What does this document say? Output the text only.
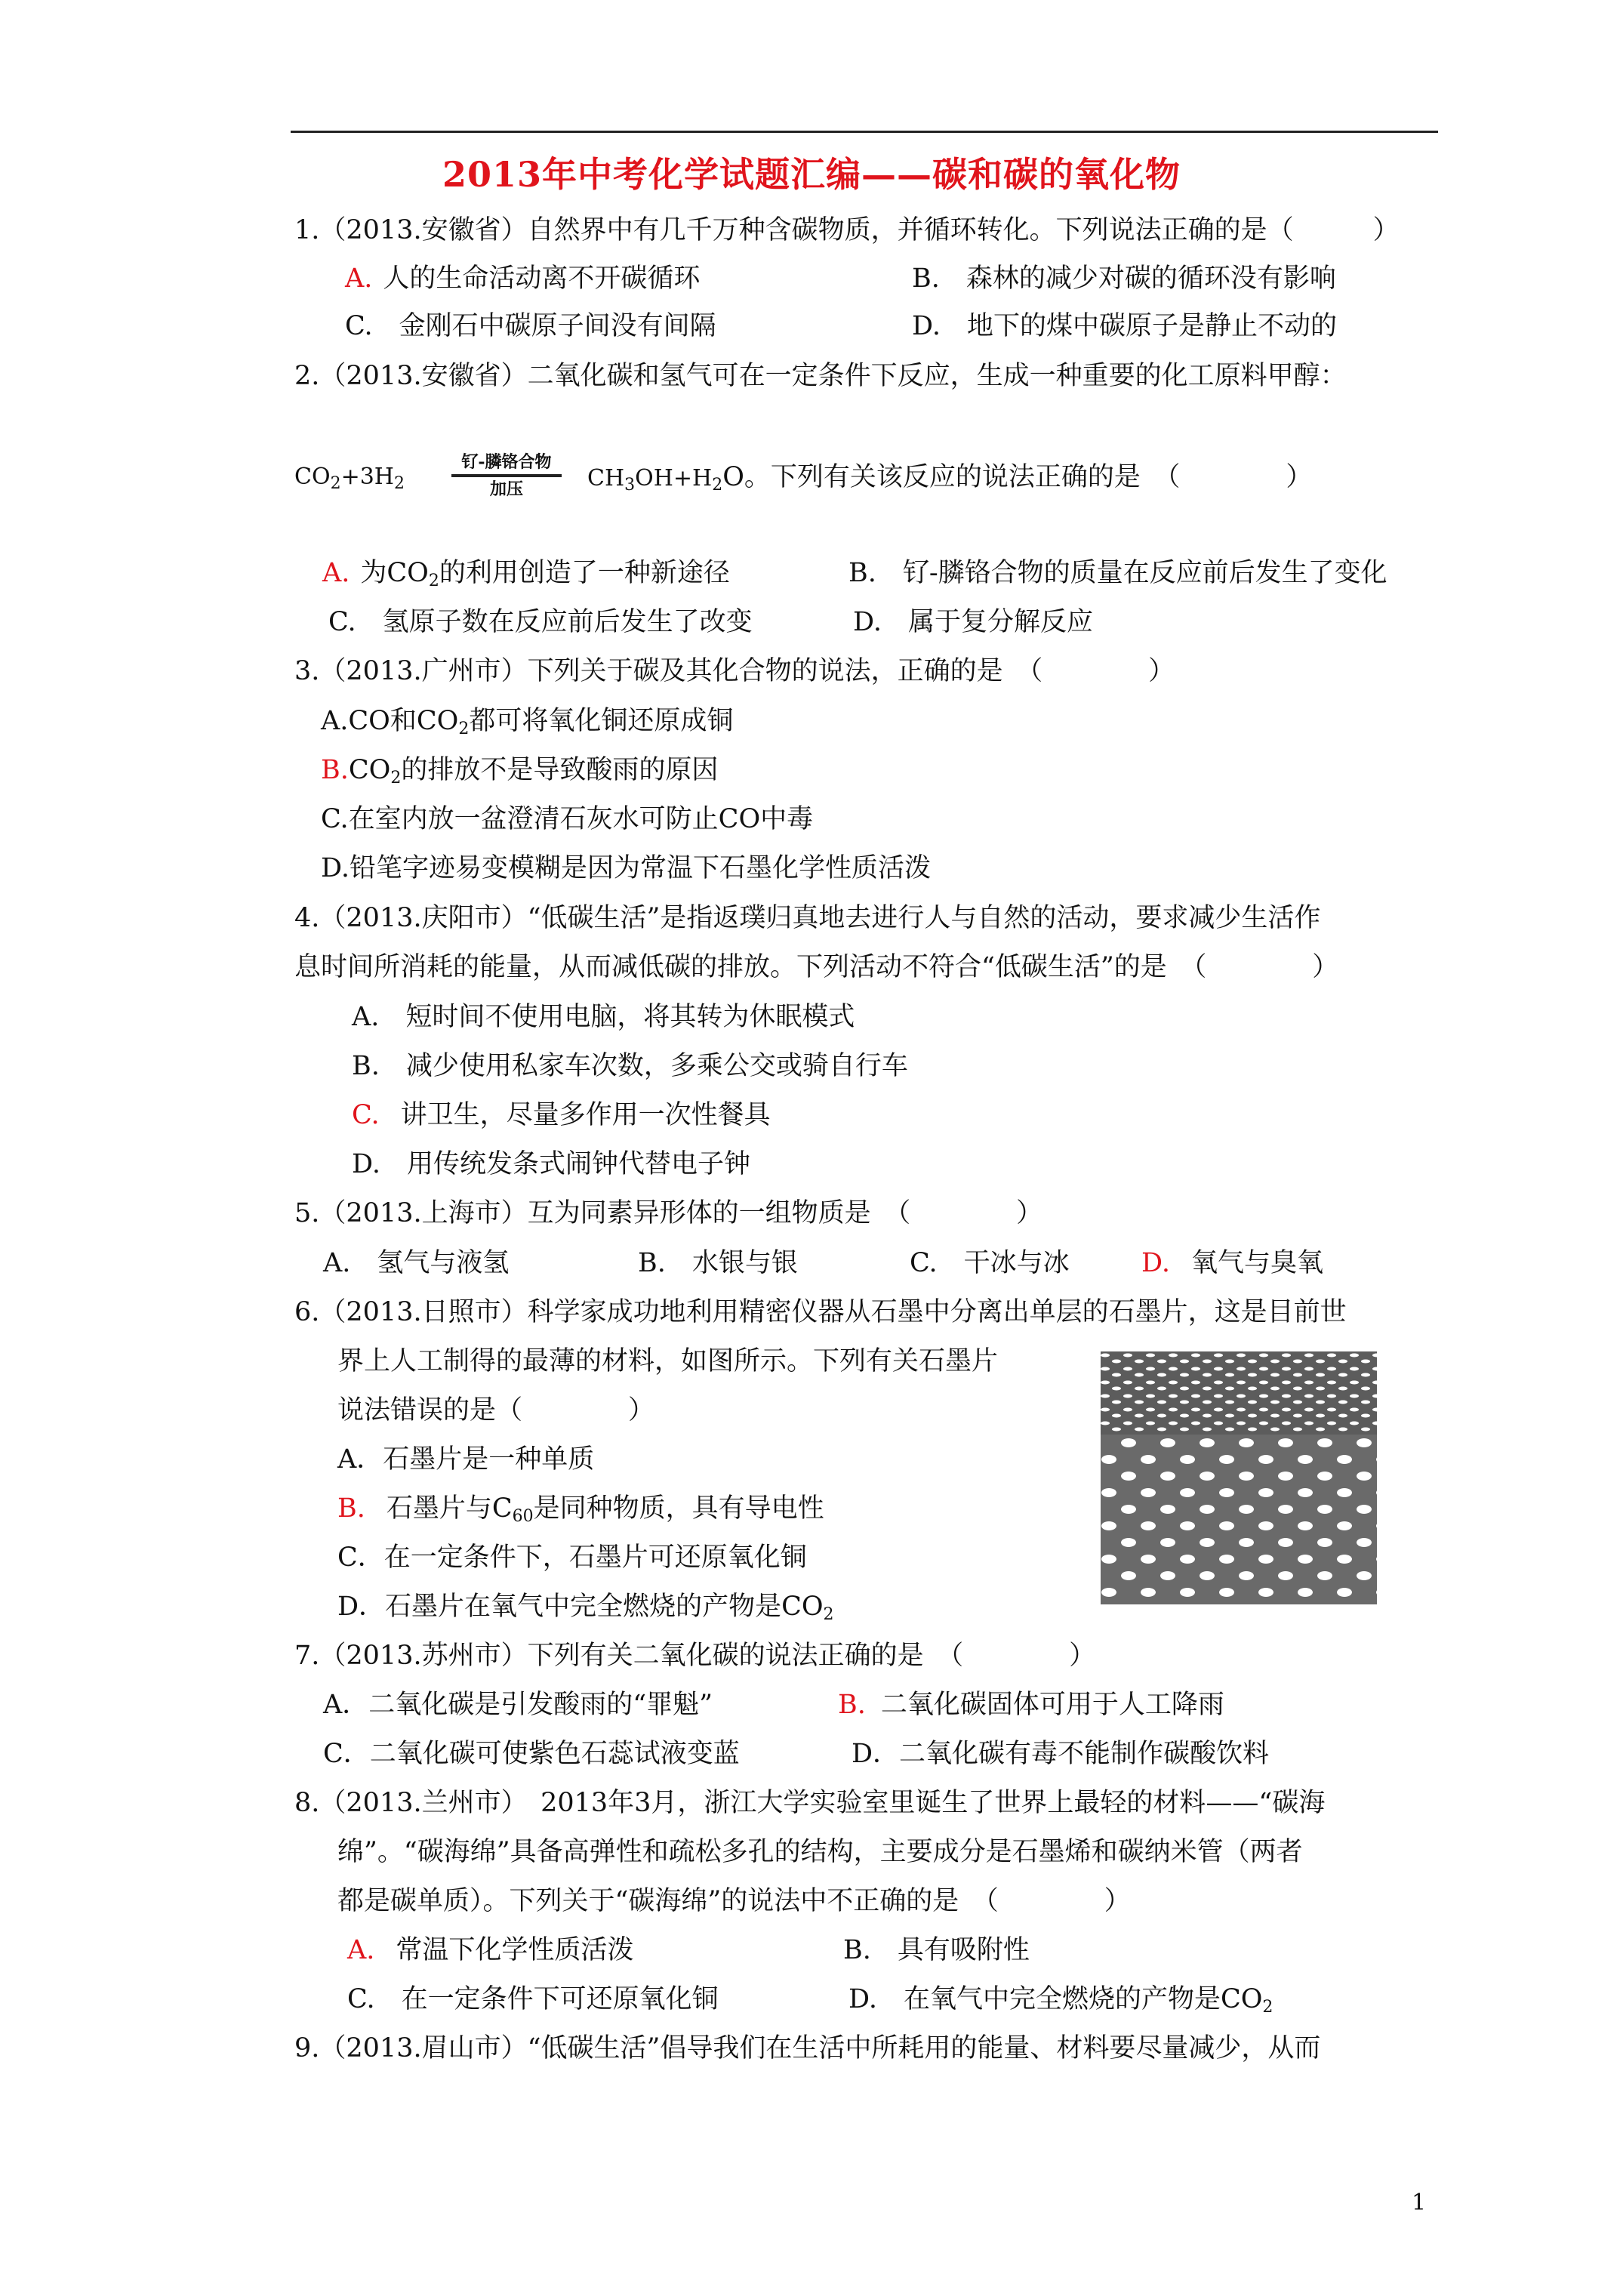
2013年中考化学试题汇编——碳和碳的氧化物
1.（2013.安徽省）自然界中有几千万种含碳物质，并循环转化。下列说法正确的是（　　　）
A. 人的生命活动离不开碳循环	B.　森林的减少对碳的循环没有影响
C.　金刚石中碳原子间没有间隔	D.　地下的煤中碳原子是静止不动的
2.（2013.安徽省）二氧化碳和氢气可在一定条件下反应，生成一种重要的化工原料甲醇：
$CO_2+3H_2$
钌-膦铬合物
加压	$CH_3OH+H_2O$。下列有关该反应的说法正确的是　（　　　　）
A. 为$CO_2$的利用创造了一种新途径	B.　钌-膦铬合物的质量在反应前后发生了变化
C.　氢原子数在反应前后发生了改变	D.　属于复分解反应
3.（2013.广州市）下列关于碳及其化合物的说法，正确的是　（　　　　）
A.CO和$CO_2$都可将氧化铜还原成铜
$B.CO_2$的排放不是导致酸雨的原因
C.在室内放一盆澄清石灰水可防止CO中毒
D.铅笔字迹易变模糊是因为常温下石墨化学性质活泼
4.（2013.庆阳市）“低碳生活”是指返璞归真地去进行人与自然的活动，要求减少生活作
息时间所消耗的能量，从而减低碳的排放。下列活动不符合“低碳生活”的是　（　　　　）
A.　短时间不使用电脑，将其转为休眠模式
B.　减少使用私家车次数，多乘公交或骑自行车
C. 讲卫生，尽量多作用一次性餐具
D.　用传统发条式闹钟代替电子钟
5.（2013.上海市）互为同素异形体的一组物质是　（　　　　）
A.　氢气与液氢	B.　水银与银	C.　干冰与冰	D. 氧气与臭氧
6.（2013.日照市）科学家成功地利用精密仪器从石墨中分离出单层的石墨片，这是目前世
界上人工制得的最薄的材料，如图所示。下列有关石墨片
说法错误的是（　　　　）
A．石墨片是一种单质
B. 石墨片与$C_{60}$是同种物质，具有导电性
C．在一定条件下，石墨片可还原氧化铜
D．石墨片在氧气中完全燃烧的产物是$CO_2$
7.（2013.苏州市）下列有关二氧化碳的说法正确的是　（　　　　）
A．二氧化碳是引发酸雨的“罪魁”	B. 二氧化碳固体可用于人工降雨
C．二氧化碳可使紫色石蕊试液变蓝	D．二氧化碳有毒不能制作碳酸饮料
8.（2013.兰州市）　2013年3月，浙江大学实验室里诞生了世界上最轻的材料——“碳海
绵”。“碳海绵”具备高弹性和疏松多孔的结构，主要成分是石墨烯和碳纳米管（两者
都是碳单质）。下列关于“碳海绵”的说法中不正确的是　（　　　　）
A. 常温下化学性质活泼	B.　具有吸附性
C.　在一定条件下可还原氧化铜	D.　在氧气中完全燃烧的产物是$CO_2$
9.（2013.眉山市）“低碳生活”倡导我们在生活中所耗用的能量、材料要尽量减少，从而
1
